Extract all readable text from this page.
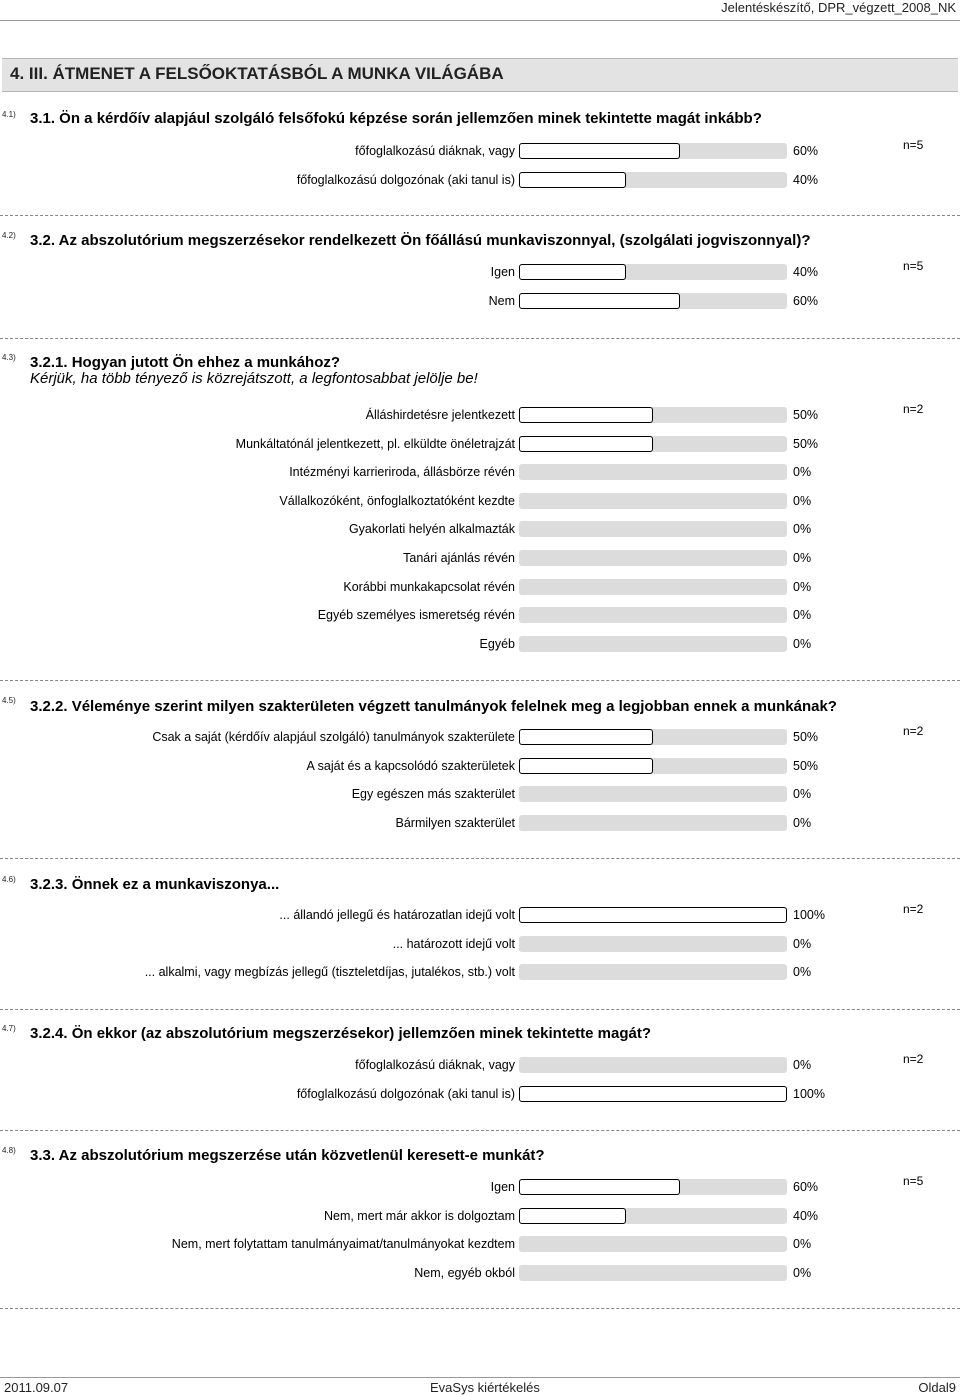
Jelentéskészítő, DPR_végzett_2008_NK
4. III. ÁTMENET A FELSŐOKTATÁSBÓL A MUNKA VILÁGÁBA
4.1) 3.1. Ön a kérdőív alapjául szolgáló felsőfokú képzése során jellemzően minek tekintette magát inkább?
n=5
főfoglalkozású diáknak, vagy	60%
főfoglalkozású dolgozónak (aki tanul is)	40%
4.2) 3.2. Az abszolutórium megszerzésekor rendelkezett Ön főállású munkaviszonnyal, (szolgálati jogviszonnyal)?
n=5
Igen	40%
Nem	60%
4.3) 3.2.1. Hogyan jutott Ön ehhez a munkához?
Kérjük, ha több tényező is közrejátszott, a legfontosabbat jelölje be!
n=2
Álláshirdetésre jelentkezett	50%
Munkáltatónál jelentkezett, pl. elküldte önéletrajzát	50%
Intézményi karrieriroda, állásbörze révén	0%
Vállalkozóként, önfoglalkoztatóként kezdte	0%
Gyakorlati helyén alkalmazták	0%
Tanári ajánlás révén	0%
Korábbi munkakapcsolat révén	0%
Egyéb személyes ismeretség révén	0%
Egyéb	0%
4.5) 3.2.2. Véleménye szerint milyen szakterületen végzett tanulmányok felelnek meg a legjobban ennek a munkának?
n=2
Csak a saját (kérdőív alapjául szolgáló) tanulmányok szakterülete	50%
A saját és a kapcsolódó szakterületek	50%
Egy egészen más szakterület	0%
Bármilyen szakterület	0%
4.6) 3.2.3. Önnek ez a munkaviszonya...
n=2
... állandó jellegű és határozatlan idejű volt	100%
... határozott idejű volt	0%
... alkalmi, vagy megbízás jellegű (tiszteletdíjas, jutalékos, stb.) volt	0%
4.7) 3.2.4. Ön ekkor (az abszolutórium megszerzésekor) jellemzően minek tekintette magát?
n=2
főfoglalkozású diáknak, vagy	0%
főfoglalkozású dolgozónak (aki tanul is)	100%
4.8) 3.3. Az abszolutórium megszerzése után közvetlenül keresett-e munkát?
n=5
Igen	60%
Nem, mert már akkor is dolgoztam	40%
Nem, mert folytattam tanulmányaimat/tanulmányokat kezdtem	0%
Nem, egyéb okból	0%
2011.09.07	EvaSys kiértékelés	Oldal9
